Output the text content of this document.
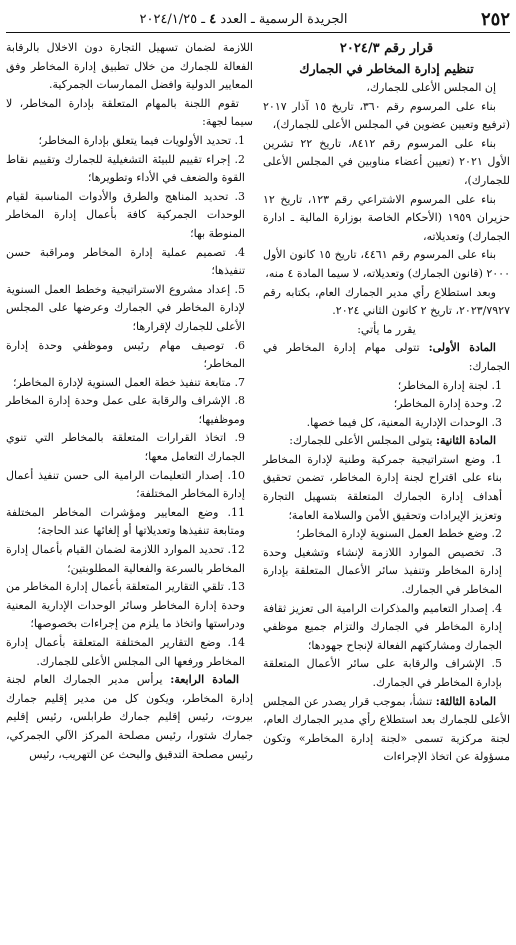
٢٥٢
الجريدة الرسمية ـ العدد ٤ ـ ٢٠٢٤/١/٢٥

قرار رقم ٢٠٢٤/٣

تنظيم إدارة المخاطر في الجمارك

إن المجلس الأعلى للجمارك،

بناء على المرسوم رقم ٣٦٠، تاريخ ١٥ آذار ٢٠١٧ (ترفيع وتعيين عضوين في المجلس الأعلى للجمارك)،

بناء على المرسوم رقم ٨٤١٢، تاريخ ٢٢ تشرين الأول ٢٠٢١ (تعيين أعضاء مناوبين في المجلس الأعلى للجمارك)،

بناء على المرسوم الاشتراعي رقم ١٢٣، تاريخ ١٢ حزيران ١٩٥٩ (الأحكام الخاصة بوزارة المالية ـ ادارة الجمارك) وتعديلاته،

بناء على المرسوم رقم ٤٤٦١، تاريخ ١٥ كانون الأول ٢٠٠٠ (قانون الجمارك) وتعديلاته، لا سيما المادة ٤ منه،

وبعد استطلاع رأي مدير الجمارك العام، بكتابه رقم ٢٠٢٣/٧٩٢٧، تاريخ ٢ كانون الثاني ٢٠٢٤.

يقرر ما يأتي:

المادة الأولى: تتولى مهام إدارة المخاطر في الجمارك:

1. لجنة إدارة المخاطر؛

2. وحدة إدارة المخاطر؛

3. الوحدات الإدارية المعنية، كل فيما خصها.

المادة الثانية: يتولى المجلس الأعلى للجمارك:

1. وضع استراتيجية جمركية وطنية لإدارة المخاطر بناء على اقتراح لجنة إدارة المخاطر، تضمن تحقيق أهداف إدارة الجمارك المتعلقة بتسهيل التجارة وتعزيز الإيرادات وتحقيق الأمن والسلامة العامة؛

2. وضع خطط العمل السنوية لإدارة المخاطر؛

3. تخصيص الموارد اللازمة لإنشاء وتشغيل وحدة إدارة المخاطر وتنفيذ سائر الأعمال المتعلقة بإدارة المخاطر في الجمارك.

4. إصدار التعاميم والمذكرات الرامية الى تعزيز ثقافة إدارة المخاطر في الجمارك والتزام جميع موظفي الجمارك ومشاركتهم الفعالة لإنجاح جهودها؛

5. الإشراف والرقابة على سائر الأعمال المتعلقة بإدارة المخاطر في الجمارك.

المادة الثالثة: تنشأ، بموجب قرار يصدر عن المجلس الأعلى للجمارك بعد استطلاع رأي مدير الجمارك العام، لجنة مركزية تسمى «لجنة إدارة المخاطر» وتكون مسؤولة عن اتخاذ الإجراءات

اللازمة لضمان تسهيل التجارة دون الاخلال بالرقابة الفعالة للجمارك من خلال تطبيق إدارة المخاطر وفق المعايير الدولية وافضل الممارسات الجمركية.

تقوم اللجنة بالمهام المتعلقة بإدارة المخاطر، لا سيما لجهة:

1. تحديد الأولويات فيما يتعلق بإدارة المخاطر؛

2. إجراء تقييم للبيئة التشغيلية للجمارك وتقييم نقاط القوة والضعف في الأداء وتطويرها؛

3. تحديد المناهج والطرق والأدوات المناسبة لقيام الوحدات الجمركية كافة بأعمال إدارة المخاطر المنوطة بها؛

4. تصميم عملية إدارة المخاطر ومراقبة حسن تنفيذها؛

5. إعداد مشروع الاستراتيجية وخطط العمل السنوية لإدارة المخاطر في الجمارك وعرضها على المجلس الأعلى للجمارك لإقرارها؛

6. توصيف مهام رئيس وموظفي وحدة إدارة المخاطر؛

7. متابعة تنفيذ خطة العمل السنوية لإدارة المخاطر؛

8. الإشراف والرقابة على عمل وحدة إدارة المخاطر وموظفيها؛

9. اتخاذ القرارات المتعلقة بالمخاطر التي تنوي الجمارك التعامل معها؛

10. إصدار التعليمات الرامية الى حسن تنفيذ أعمال إدارة المخاطر المختلفة؛

11. وضع المعايير ومؤشرات المخاطر المختلفة ومتابعة تنفيذها وتعديلاتها أو إلغائها عند الحاجة؛

12. تحديد الموارد اللازمة لضمان القيام بأعمال إدارة المخاطر بالسرعة والفعالية المطلوبتين؛

13. تلقي التقارير المتعلقة بأعمال إدارة المخاطر من وحدة إدارة المخاطر وسائر الوحدات الإدارية المعنية ودراستها واتخاذ ما يلزم من إجراءات بخصوصها؛

14. وضع التقارير المختلفة المتعلقة بأعمال إدارة المخاطر ورفعها الى المجلس الأعلى للجمارك.

المادة الرابعة: يرأس مدير الجمارك العام لجنة إدارة المخاطر، ويكون كل من مدير إقليم جمارك بيروت، رئيس إقليم جمارك طرابلس، رئيس إقليم جمارك شتورا، رئيس مصلحة المركز الآلي الجمركي، رئيس مصلحة التدقيق والبحث عن التهريب، رئيس
